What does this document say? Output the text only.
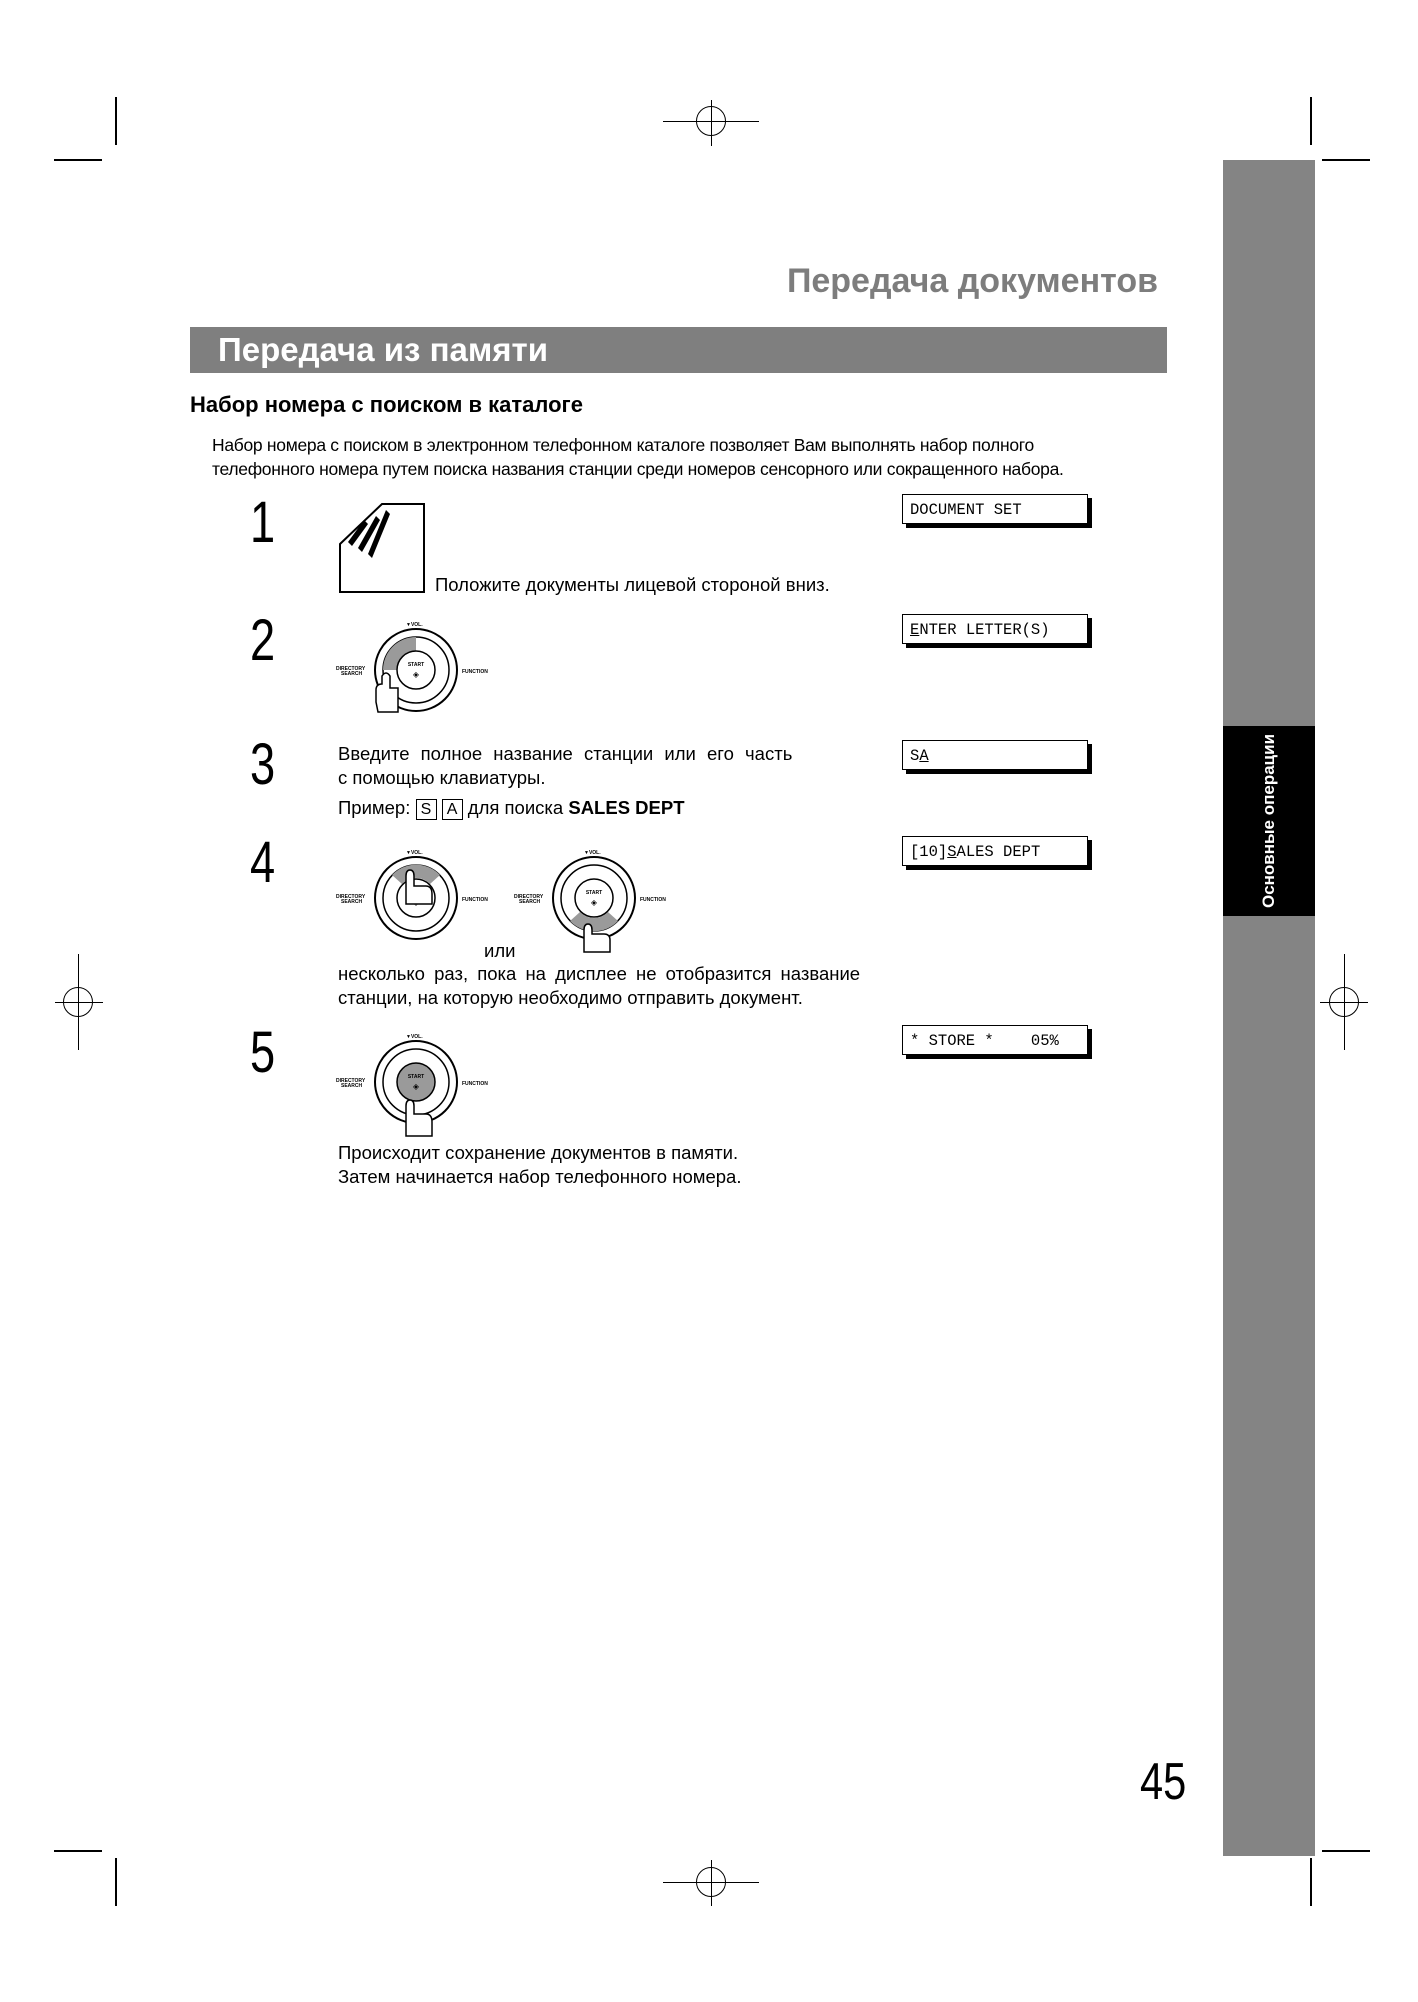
Основные операции
Передача документов
Передача из памяти
Набор номера с поиском в каталоге
Набор номера с поиском в электронном телефонном каталоге позволяет Вам выполнять набор полного
телефонного номера путем поиска названия станции среди номеров сенсорного или сокращенного набора.
1
Положите документы лицевой стороной вниз.
DOCUMENT SET
2	▼VOL.
START
◈
DIRECTORY
SEARCH	FUNCTION
ENTER LETTER(S)
3	Введите полное название станции или его часть
с помощью клавиатуры.
Пример: S A для поиска SALES DEPT
SA
4	▼VOL.
DIRECTORY
SEARCH	FUNCTION
▼VOL.
START
◈
DIRECTORY
SEARCH	FUNCTION
или
несколько раз, пока на дисплее не отобразится название
станции, на которую необходимо отправить документ.
[10]SALES DEPT
5	▼VOL.
START
◈
DIRECTORY
SEARCH	FUNCTION
Происходит сохранение документов в памяти.
Затем начинается набор телефонного номера.
* STORE *    05%
45
